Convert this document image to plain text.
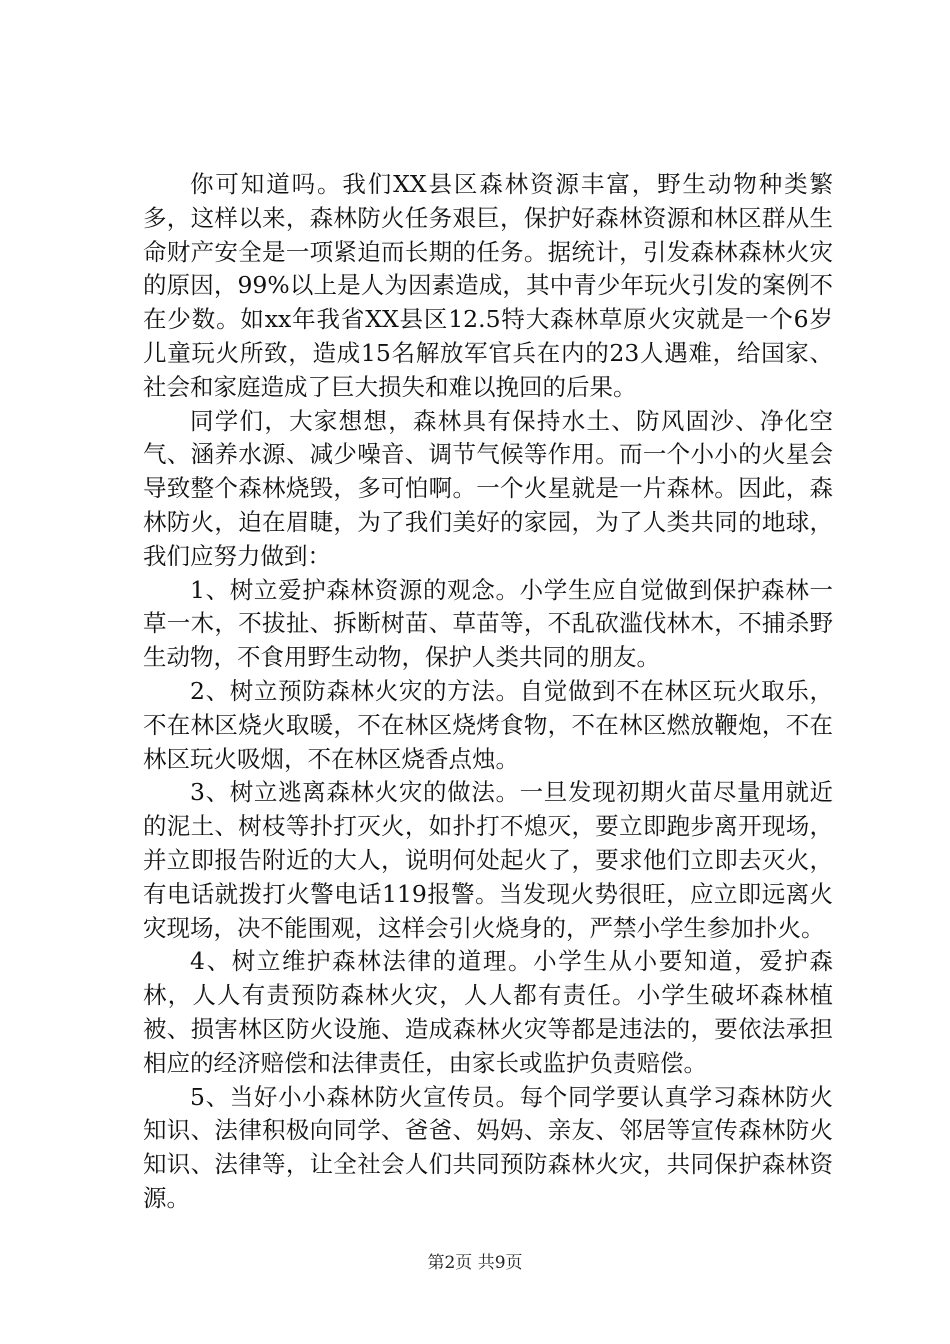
你可知道吗。我们XX县区森林资源丰富，野生动物种类繁多，这样以来，森林防火任务艰巨，保护好森林资源和林区群从生命财产安全是一项紧迫而长期的任务。据统计，引发森林森林火灾的原因，99%以上是人为因素造成，其中青少年玩火引发的案例不在少数。如xx年我省XX县区12.5特大森林草原火灾就是一个6岁儿童玩火所致，造成15名解放军官兵在内的23人遇难，给国家、社会和家庭造成了巨大损失和难以挽回的后果。

同学们，大家想想，森林具有保持水土、防风固沙、净化空气、涵养水源、减少噪音、调节气候等作用。而一个小小的火星会导致整个森林烧毁，多可怕啊。一个火星就是一片森林。因此，森林防火，迫在眉睫，为了我们美好的家园，为了人类共同的地球，我们应努力做到：

1、树立爱护森林资源的观念。小学生应自觉做到保护森林一草一木，不拔扯、拆断树苗、草苗等，不乱砍滥伐林木，不捕杀野生动物，不食用野生动物，保护人类共同的朋友。

2、树立预防森林火灾的方法。自觉做到不在林区玩火取乐，不在林区烧火取暖，不在林区烧烤食物，不在林区燃放鞭炮，不在林区玩火吸烟，不在林区烧香点烛。

3、树立逃离森林火灾的做法。一旦发现初期火苗尽量用就近的泥土、树枝等扑打灭火，如扑打不熄灭，要立即跑步离开现场，并立即报告附近的大人，说明何处起火了，要求他们立即去灭火，有电话就拨打火警电话119报警。当发现火势很旺，应立即远离火灾现场，决不能围观，这样会引火烧身的，严禁小学生参加扑火。

4、树立维护森林法律的道理。小学生从小要知道，爱护森林，人人有责预防森林火灾，人人都有责任。小学生破坏森林植被、损害林区防火设施、造成森林火灾等都是违法的，要依法承担相应的经济赔偿和法律责任，由家长或监护负责赔偿。

5、当好小小森林防火宣传员。每个同学要认真学习森林防火知识、法律积极向同学、爸爸、妈妈、亲友、邻居等宣传森林防火知识、法律等，让全社会人们共同预防森林火灾，共同保护森林资源。

第2页 共9页
